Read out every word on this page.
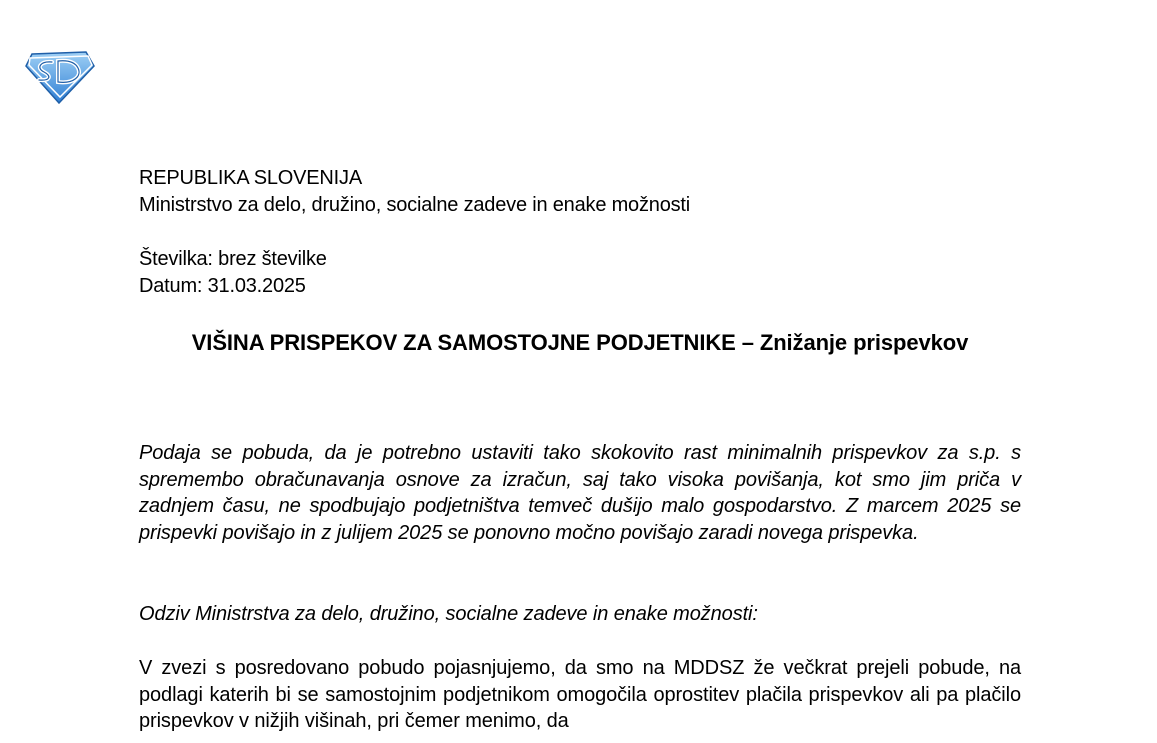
REPUBLIKA SLOVENIJA
Ministrstvo za delo, družino, socialne zadeve in enake možnosti
Številka: brez številke
Datum: 31.03.2025
VIŠINA PRISPEKOV ZA SAMOSTOJNE PODJETNIKE – Znižanje prispevkov
Podaja se pobuda, da je potrebno ustaviti tako skokovito rast minimalnih prispevkov za s.p. s spremembo obračunavanja osnove za izračun, saj tako visoka povišanja, kot smo jim priča v zadnjem času, ne spodbujajo podjetništva temveč dušijo malo gospodarstvo. Z marcem 2025 se prispevki povišajo in z julijem 2025 se ponovno močno povišajo zaradi novega prispevka.
Odziv Ministrstva za delo, družino, socialne zadeve in enake možnosti:
V zvezi s posredovano pobudo pojasnjujemo, da smo na MDDSZ že večkrat prejeli pobude, na podlagi katerih bi se samostojnim podjetnikom omogočila oprostitev plačila prispevkov ali pa plačilo prispevkov v nižjih višinah, pri čemer menimo, da
